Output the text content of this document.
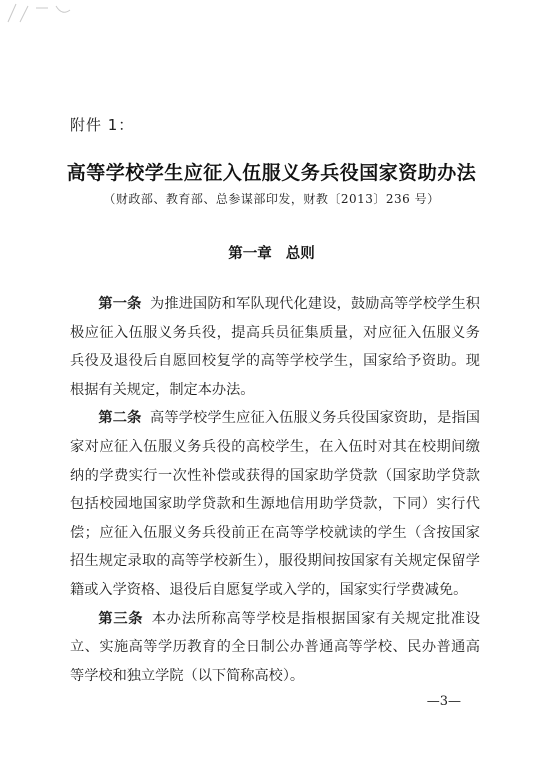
附件 1：
高等学校学生应征入伍服义务兵役国家资助办法
（财政部、教育部、总参谋部印发，财教〔2013〕236 号）
第一章 总则

第一条 为推进国防和军队现代化建设，鼓励高等学校学生积极应征入伍服义务兵役，提高兵员征集质量，对应征入伍服义务兵役及退役后自愿回校复学的高等学校学生，国家给予资助。现根据有关规定，制定本办法。

第二条 高等学校学生应征入伍服义务兵役国家资助，是指国家对应征入伍服义务兵役的高校学生，在入伍时对其在校期间缴纳的学费实行一次性补偿或获得的国家助学贷款（国家助学贷款包括校园地国家助学贷款和生源地信用助学贷款，下同）实行代偿；应征入伍服义务兵役前正在高等学校就读的学生（含按国家招生规定录取的高等学校新生），服役期间按国家有关规定保留学籍或入学资格、退役后自愿复学或入学的，国家实行学费减免。

第三条 本办法所称高等学校是指根据国家有关规定批准设立、实施高等学历教育的全日制公办普通高等学校、民办普通高等学校和独立学院（以下简称高校）。

—3—
